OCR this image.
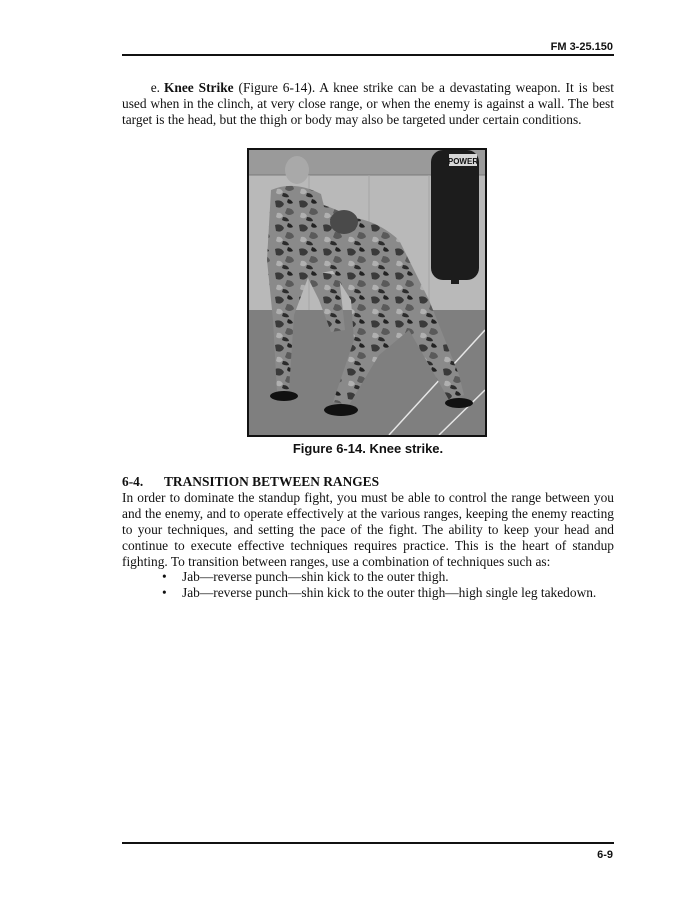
FM 3-25.150
e. Knee Strike (Figure 6-14). A knee strike can be a devastating weapon. It is best used when in the clinch, at very close range, or when the enemy is against a wall. The best target is the head, but the thigh or body may also be targeted under certain conditions.
POWER
Figure 6-14. Knee strike.
6-4. TRANSITION BETWEEN RANGES
In order to dominate the standup fight, you must be able to control the range between you and the enemy, and to operate effectively at the various ranges, keeping the enemy reacting to your techniques, and setting the pace of the fight. The ability to keep your head and continue to execute effective techniques requires practice. This is the heart of standup fighting. To transition between ranges, use a combination of techniques such as:
• Jab—reverse punch—shin kick to the outer thigh.
• Jab—reverse punch—shin kick to the outer thigh—high single leg takedown.
6-9
